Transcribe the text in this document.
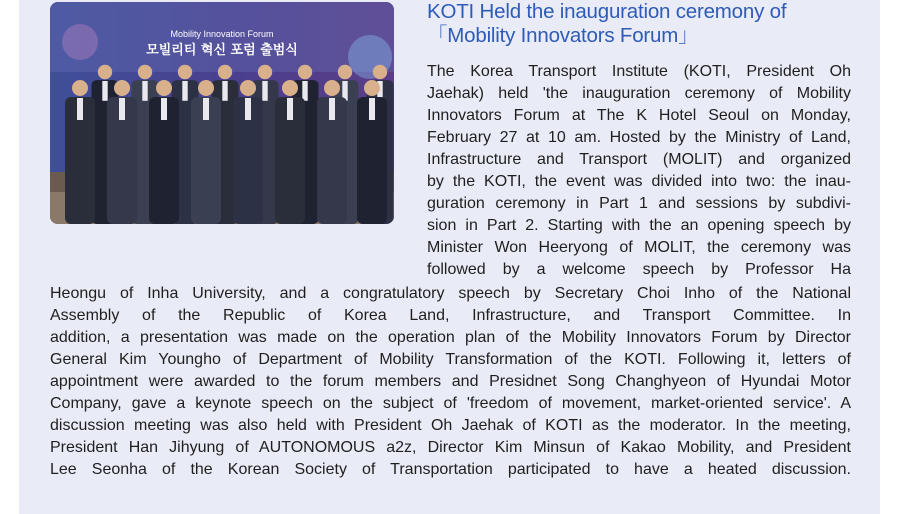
Mobility Innovation Forum
모빌리티 혁신 포럼 출범식
KOTI Held the inauguration ceremony of
「Mobility Innovators Forum」
The Korea Transport Institute (KOTI, President Oh
Jaehak) held 'the inauguration ceremony of Mobility
Innovators Forum at The K Hotel Seoul on Monday,
February 27 at 10 am. Hosted by the Ministry of Land,
Infrastructure and Transport (MOLIT) and organized
by the KOTI, the event was divided into two: the inau-
guration ceremony in Part 1 and sessions by subdivi-
sion in Part 2. Starting with the an opening speech by
Minister Won Heeryong of MOLIT, the ceremony was
followed by a welcome speech by Professor Ha
Heongu of Inha University, and a congratulatory speech by Secretary Choi Inho of the National
Assembly of the Republic of Korea Land, Infrastructure, and Transport Committee. In
addition, a presentation was made on the operation plan of the Mobility Innovators Forum by Director
General Kim Youngho of Department of Mobility Transformation of the KOTI. Following it, letters of
appointment were awarded to the forum members and Presidnet Song Changhyeon of Hyundai Motor
Company, gave a keynote speech on the subject of 'freedom of movement, market-oriented service'. A
discussion meeting was also held with President Oh Jaehak of KOTI as the moderator. In the meeting,
President Han Jihyung of AUTONOMOUS a2z, Director Kim Minsun of Kakao Mobility, and President
Lee Seonha of the Korean Society of Transportation participated to have a heated discussion.
